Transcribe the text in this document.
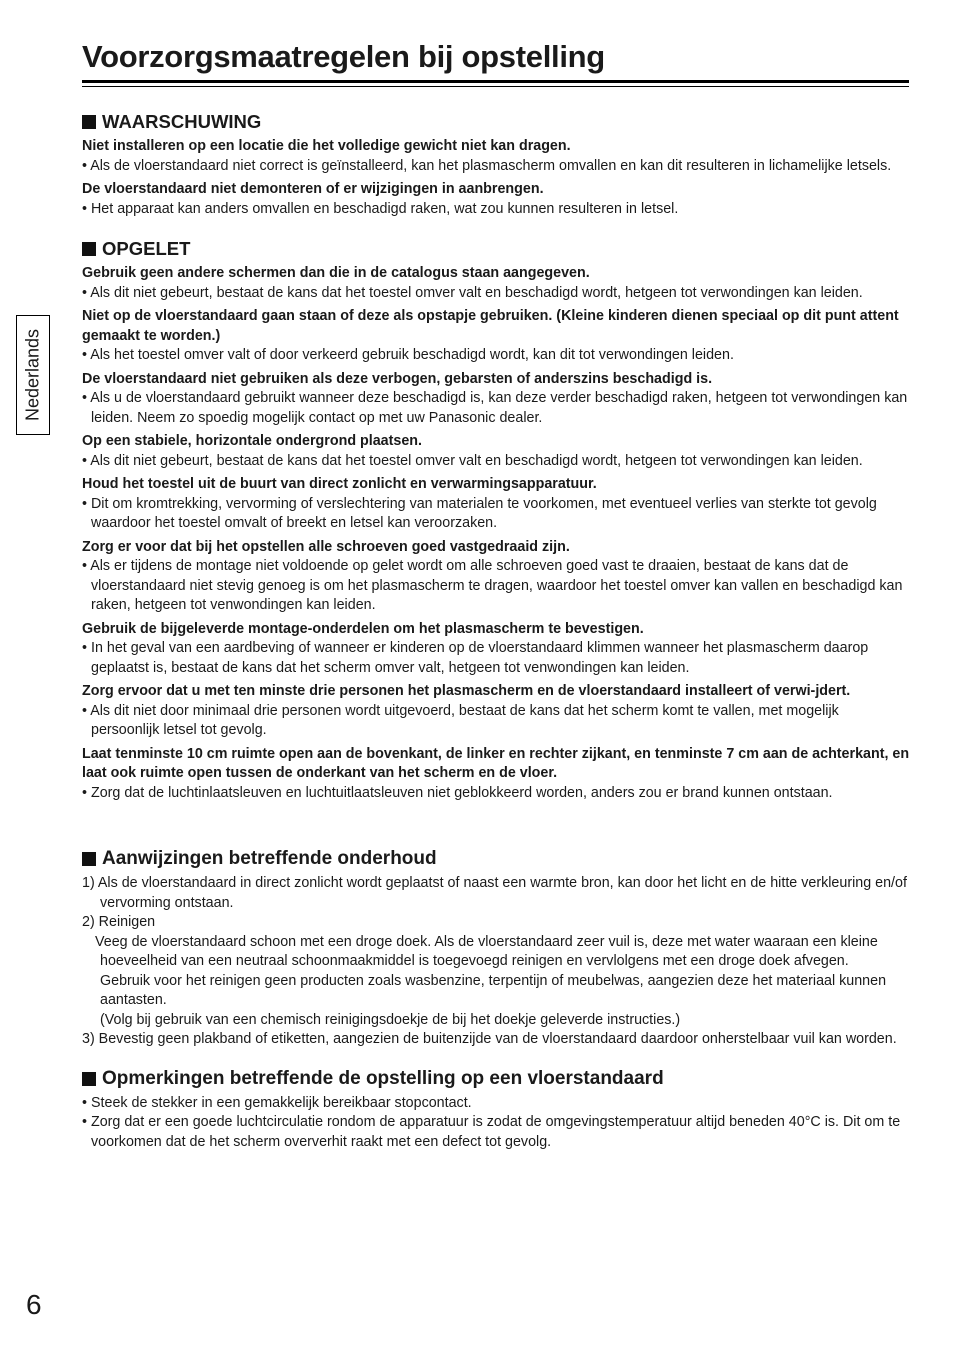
Voorzorgsmaatregelen bij opstelling
Nederlands
WAARSCHUWING

Niet installeren op een locatie die het volledige gewicht niet kan dragen.

• Als de vloerstandaard niet correct is geïnstalleerd, kan het plasmascherm omvallen en kan dit resulteren in lichamelijke letsels.

De vloerstandaard niet demonteren of er wijzigingen in aanbrengen.

• Het apparaat kan anders omvallen en beschadigd raken, wat zou kunnen resulteren in letsel.

OPGELET

Gebruik geen andere schermen dan die in de catalogus staan aangegeven.

• Als dit niet gebeurt, bestaat de kans dat het toestel omver valt en beschadigd wordt, hetgeen tot verwondingen kan leiden.

Niet op de vloerstandaard gaan staan of deze als opstapje gebruiken. (Kleine kinderen dienen speciaal op dit punt attent gemaakt te worden.)

• Als het toestel omver valt of door verkeerd gebruik beschadigd wordt, kan dit tot verwondingen leiden.

De vloerstandaard niet gebruiken als deze verbogen, gebarsten of anderszins beschadigd is.

• Als u de vloerstandaard gebruikt wanneer deze beschadigd is, kan deze verder beschadigd raken, hetgeen tot verwondingen kan leiden. Neem zo spoedig mogelijk contact op met uw Panasonic dealer.

Op een stabiele, horizontale ondergrond plaatsen.

• Als dit niet gebeurt, bestaat de kans dat het toestel omver valt en beschadigd wordt, hetgeen tot verwondingen kan leiden.

Houd het toestel uit de buurt van direct zonlicht en verwarmingsapparatuur.

• Dit om kromtrekking, vervorming of verslechtering van materialen te voorkomen, met eventueel verlies van sterkte tot gevolg waardoor het toestel omvalt of breekt en letsel kan veroorzaken.

Zorg er voor dat bij het opstellen alle schroeven goed vastgedraaid zijn.

• Als er tijdens de montage niet voldoende op gelet wordt om alle schroeven goed vast te draaien, bestaat de kans dat de vloerstandaard niet stevig genoeg is om het plasmascherm te dragen, waardoor het toestel omver kan vallen en beschadigd kan raken, hetgeen tot venwondingen kan leiden.

Gebruik de bijgeleverde montage-onderdelen om het plasmascherm te bevestigen.

• In het geval van een aardbeving of wanneer er kinderen op de vloerstandaard klimmen wanneer het plasmascherm daarop geplaatst is, bestaat de kans dat het scherm omver valt, hetgeen tot venwondingen kan leiden.

Zorg ervoor dat u met ten minste drie personen het plasmascherm en de vloerstandaard installeert of verwi-jdert.

• Als dit niet door minimaal drie personen wordt uitgevoerd, bestaat de kans dat het scherm komt te vallen, met mogelijk persoonlijk letsel tot gevolg.

Laat tenminste 10 cm ruimte open aan de bovenkant, de linker en rechter zijkant, en tenminste 7 cm aan de achterkant, en laat ook ruimte open tussen de onderkant van het scherm en de vloer.

• Zorg dat de luchtinlaatsleuven en luchtuitlaatsleuven niet geblokkeerd worden, anders zou er brand kunnen ontstaan.

Aanwijzingen betreffende onderhoud

1) Als de vloerstandaard in direct zonlicht wordt geplaatst of naast een warmte bron, kan door het licht en de hitte verkleuring en/of vervorming ontstaan.

2) Reinigen

Veeg de vloerstandaard schoon met een droge doek. Als de vloerstandaard zeer vuil is, deze met water waaraan een kleine hoeveelheid van een neutraal schoonmaakmiddel is toegevoegd reinigen en vervlolgens met een droge doek afvegen.

Gebruik voor het reinigen geen producten zoals wasbenzine, terpentijn of meubelwas, aangezien deze het materiaal kunnen aantasten.

(Volg bij gebruik van een chemisch reinigingsdoekje de bij het doekje geleverde instructies.)

3) Bevestig geen plakband of etiketten, aangezien de buitenzijde van de vloerstandaard daardoor onherstelbaar vuil kan worden.

Opmerkingen betreffende de opstelling op een vloerstandaard

• Steek de stekker in een gemakkelijk bereikbaar stopcontact.

• Zorg dat er een goede luchtcirculatie rondom de apparatuur is zodat de omgevingstemperatuur altijd beneden 40°C is. Dit om te voorkomen dat de het scherm oververhit raakt met een defect tot gevolg.

6
